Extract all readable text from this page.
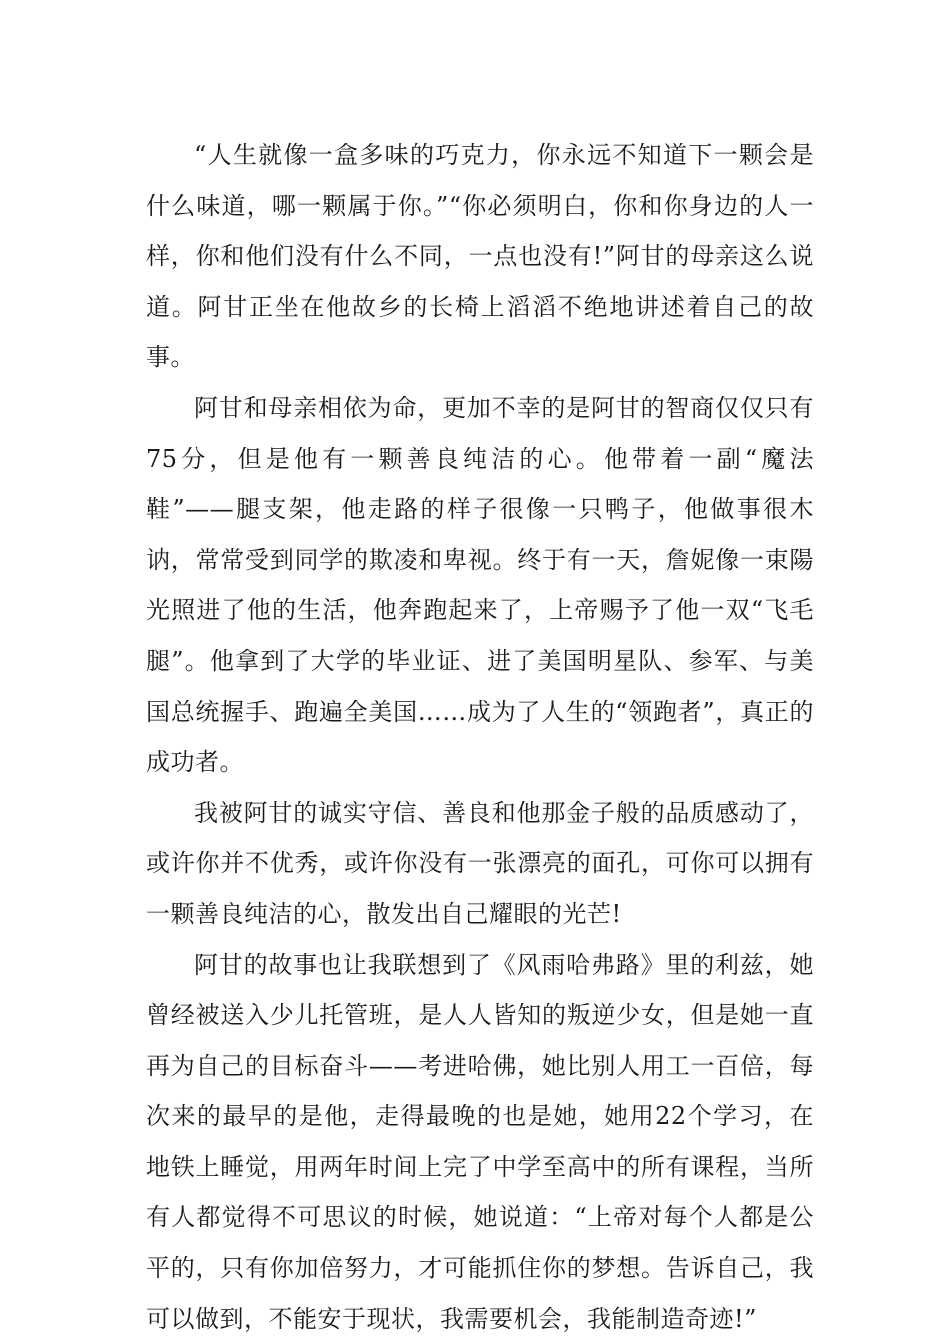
“人生就像一盒多味的巧克力，你永远不知道下一颗会是什么味道，哪一颗属于你。”“你必须明白，你和你身边的人一样，你和他们没有什么不同，一点也没有!”阿甘的母亲这么说道。阿甘正坐在他故乡的长椅上滔滔不绝地讲述着自己的故事。

阿甘和母亲相依为命，更加不幸的是阿甘的智商仅仅只有75分，但是他有一颗善良纯洁的心。他带着一副“魔法鞋”——腿支架，他走路的样子很像一只鸭子，他做事很木讷，常常受到同学的欺凌和卑视。终于有一天，詹妮像一束陽光照进了他的生活，他奔跑起来了，上帝赐予了他一双“飞毛腿”。他拿到了大学的毕业证、进了美国明星队、参军、与美国总统握手、跑遍全美国……成为了人生的“领跑者”，真正的成功者。

我被阿甘的诚实守信、善良和他那金子般的品质感动了，或许你并不优秀，或许你没有一张漂亮的面孔，可你可以拥有一颗善良纯洁的心，散发出自己耀眼的光芒!

阿甘的故事也让我联想到了《风雨哈弗路》里的利兹，她曾经被送入少儿托管班，是人人皆知的叛逆少女，但是她一直再为自己的目标奋斗——考进哈佛，她比别人用工一百倍，每次来的最早的是他，走得最晚的也是她，她用22个学习，在地铁上睡觉，用两年时间上完了中学至高中的所有课程，当所有人都觉得不可思议的时候，她说道：“上帝对每个人都是公平的，只有你加倍努力，才可能抓住你的梦想。告诉自己，我可以做到，不能安于现状，我需要机会，我能制造奇迹!”
